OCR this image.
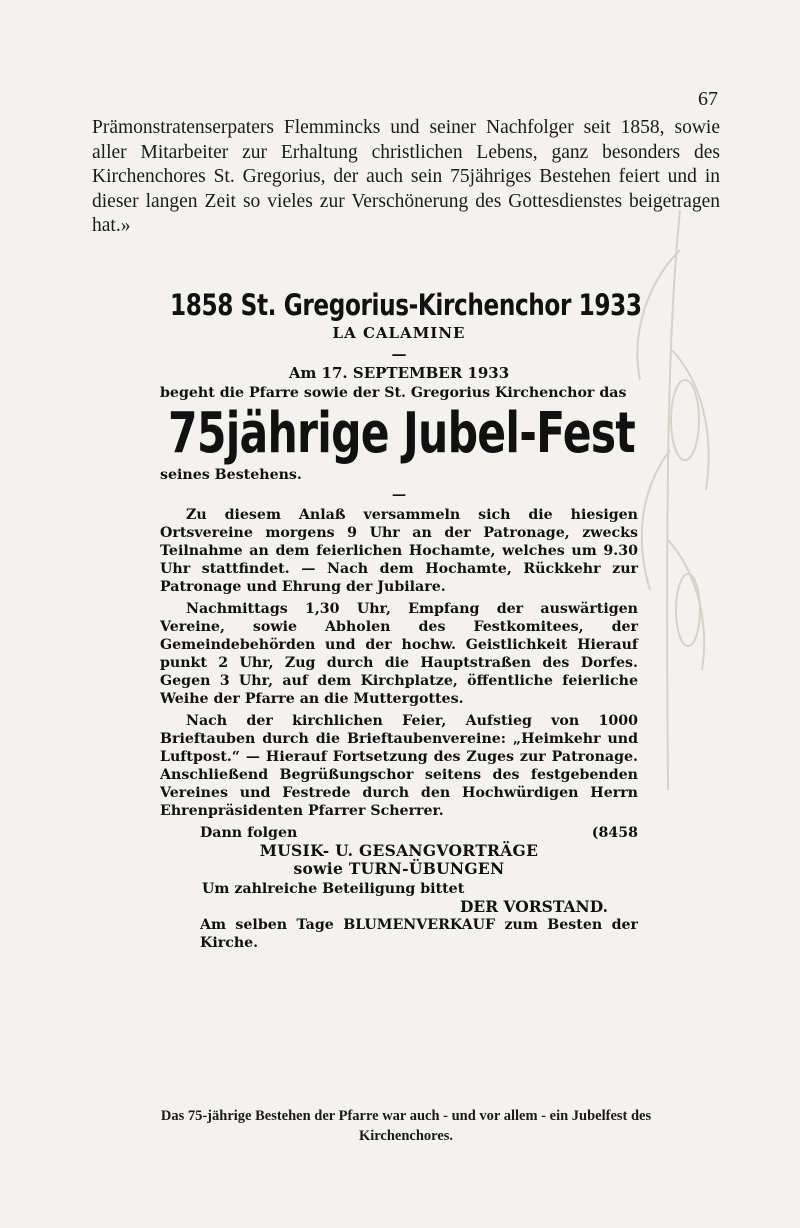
67

Prämonstratenserpaters Flemmincks und seiner Nachfolger seit 1858, sowie aller Mitarbeiter zur Erhaltung christlichen Lebens, ganz besonders des Kirchenchores St. Gregorius, der auch sein 75jähriges Bestehen feiert und in dieser langen Zeit so vieles zur Verschönerung des Gottesdienstes beigetragen hat.»

1858 St. Gregorius-Kirchenchor 1933
LA CALAMINE
—
Am 17. SEPTEMBER 1933

begeht die Pfarre sowie der St. Gregorius Kirchenchor das

75jährige Jubel-Fest

seines Bestehens.

—

Zu diesem Anlaß versammeln sich die hiesigen Ortsvereine morgens 9 Uhr an der Patronage, zwecks Teilnahme an dem feierlichen Hochamte, welches um 9.30 Uhr stattfindet. — Nach dem Hochamte, Rückkehr zur Patronage und Ehrung der Jubilare.

Nachmittags 1,30 Uhr, Empfang der auswärtigen Vereine, sowie Abholen des Festkomitees, der Gemeindebehörden und der hochw. Geistlichkeit Hierauf punkt 2 Uhr, Zug durch die Hauptstraßen des Dorfes. Gegen 3 Uhr, auf dem Kirchplatze, öffentliche feierliche Weihe der Pfarre an die Muttergottes.

Nach der kirchlichen Feier, Aufstieg von 1000 Brieftauben durch die Brieftaubenvereine: „Heimkehr und Luftpost.“ — Hierauf Fortsetzung des Zuges zur Patronage. Anschließend Begrüßungschor seitens des festgebenden Vereines und Festrede durch den Hochwürdigen Herrn Ehrenpräsidenten Pfarrer Scherrer.

Dann folgen	(8458
MUSIK- U. GESANGVORTRÄGE
sowie TURN-ÜBUNGEN
Um zahlreiche Beteiligung bittet
DER VORSTAND.

Am selben Tage BLUMENVERKAUF zum Besten der Kirche.

Das 75-jährige Bestehen der Pfarre war auch - und vor allem - ein Jubelfest des
Kirchenchores.
